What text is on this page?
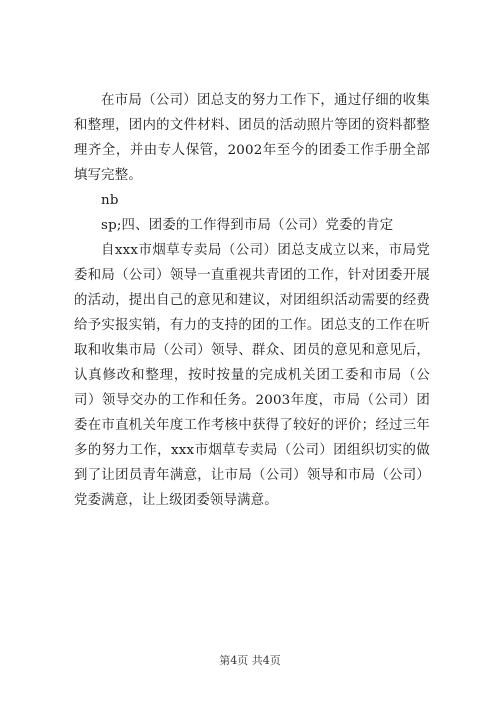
在市局（公司）团总支的努力工作下，通过仔细的收集和整理，团内的文件材料、团员的活动照片等团的资料都整理齐全，并由专人保管，2002年至今的团委工作手册全部填写完整。

nb

sp;四、团委的工作得到市局（公司）党委的肯定

自xxx市烟草专卖局（公司）团总支成立以来，市局党委和局（公司）领导一直重视共青团的工作，针对团委开展的活动，提出自己的意见和建议，对团组织活动需要的经费给予实报实销，有力的支持的团的工作。团总支的工作在听取和收集市局（公司）领导、群众、团员的意见和意见后，认真修改和整理，按时按量的完成机关团工委和市局（公司）领导交办的工作和任务。2003年度，市局（公司）团委在市直机关年度工作考核中获得了较好的评价；经过三年多的努力工作，xxx市烟草专卖局（公司）团组织切实的做到了让团员青年满意，让市局（公司）领导和市局（公司）党委满意，让上级团委领导满意。

第4页 共4页
